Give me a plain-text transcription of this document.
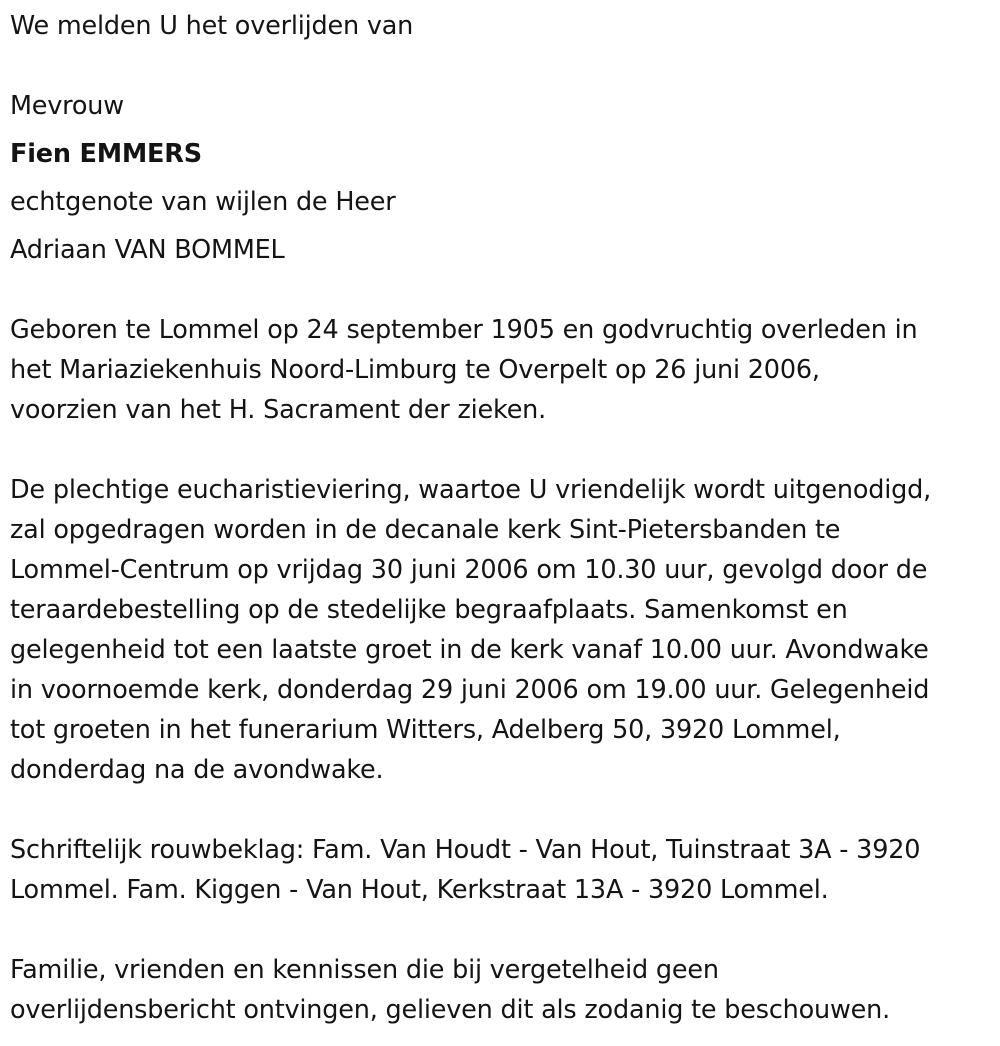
We melden U het overlijden van
Mevrouw
Fien EMMERS
echtgenote van wijlen de Heer
Adriaan VAN BOMMEL
Geboren te Lommel op 24 september 1905 en godvruchtig overleden in
het Mariaziekenhuis Noord-Limburg te Overpelt op 26 juni 2006,
voorzien van het H. Sacrament der zieken.
De plechtige eucharistieviering, waartoe U vriendelijk wordt uitgenodigd,
zal opgedragen worden in de decanale kerk Sint-Pietersbanden te
Lommel-Centrum op vrijdag 30 juni 2006 om 10.30 uur, gevolgd door de
teraardebestelling op de stedelijke begraafplaats. Samenkomst en
gelegenheid tot een laatste groet in de kerk vanaf 10.00 uur. Avondwake
in voornoemde kerk, donderdag 29 juni 2006 om 19.00 uur. Gelegenheid
tot groeten in het funerarium Witters, Adelberg 50, 3920 Lommel,
donderdag na de avondwake.
Schriftelijk rouwbeklag: Fam. Van Houdt - Van Hout, Tuinstraat 3A - 3920
Lommel. Fam. Kiggen - Van Hout, Kerkstraat 13A - 3920 Lommel.
Familie, vrienden en kennissen die bij vergetelheid geen
overlijdensbericht ontvingen, gelieven dit als zodanig te beschouwen.
